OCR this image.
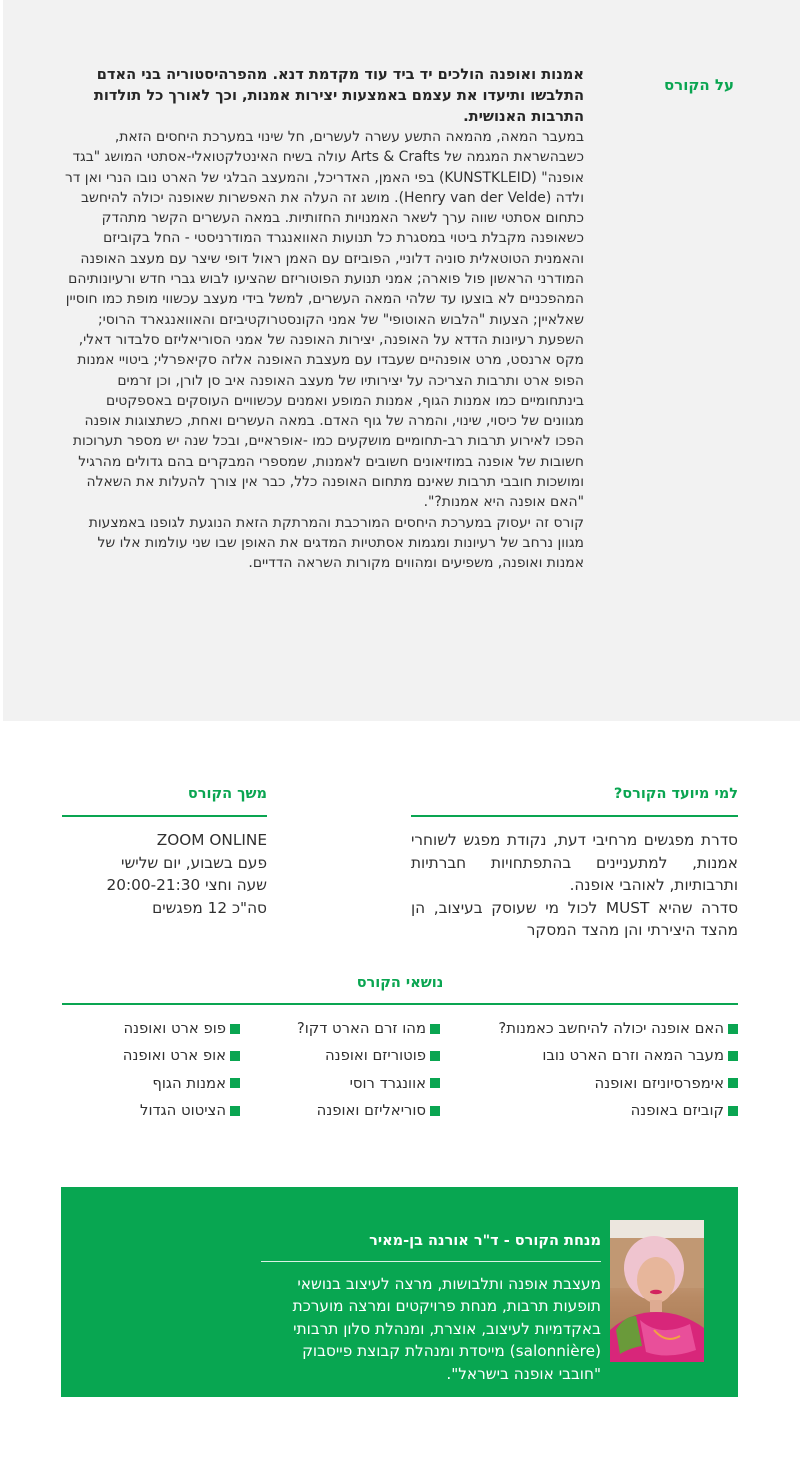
על הקורס

אמנות ואופנה הולכים יד ביד עוד מקדמת דנא. מהפרהיסטוריה בני האדם התלבשו ותיעדו את עצמם באמצעות יצירות אמנות, וכך לאורך כל תולדות התרבות האנושית.

במעבר המאה, מהמאה התשע עשרה לעשרים, חל שינוי במערכת היחסים הזאת, כשבהשראת המגמה של Arts & Crafts עולה בשיח האינטלקטואלי-אסתטי המושג "בגד אופנה" (KUNSTKLEID) בפי האמן, האדריכל, והמעצב הבלגי של הארט נובו הנרי ואן דר ולדה (Henry van der Velde). מושג זה העלה את האפשרות שאופנה יכולה להיחשב כתחום אסתטי שווה ערך לשאר האמנויות החזותיות. במאה העשרים הקשר מתהדק כשאופנה מקבלת ביטוי במסגרת כל תנועות האוואנגרד המודרניסטי - החל בקוביזם והאמנית הטוטאלית סוניה דלוניי, הפוביזם עם האמן ראול דופי שיצר עם מעצב האופנה המודרני הראשון פול פוארה; אמני תנועת הפוטוריזם שהציעו לבוש גברי חדש ורעיונותיהם המהפכניים לא בוצעו עד שלהי המאה העשרים, למשל בידי מעצב עכשווי מופת כמו חוסיין שאלאיין; הצעות "הלבוש האוטופי" של אמני הקונסטרוקטיביזם והאוואנגארד הרוסי; השפעת רעיונות הדדא על האופנה, יצירות האופנה של אמני הסוריאליזם סלבדור דאלי, מקס ארנסט, מרט אופנהיים שעבדו עם מעצבת האופנה אלזה סקיאפרלי; ביטויי אמנות הפופ ארט ותרבות הצריכה על יצירותיו של מעצב האופנה איב סן לורן, וכן זרמים בינתחומיים כמו אמנות הגוף, אמנות המופע ואמנים עכשוויים העוסקים באספקטים מגוונים של כיסוי, שינוי, והמרה של גוף האדם. במאה העשרים ואחת, כשתצוגות אופנה הפכו לאירוע תרבות רב-תחומיים מושקעים כמו -אופראיים, ובכל שנה יש מספר תערוכות חשובות של אופנה במוזיאונים חשובים לאמנות, שמספרי המבקרים בהם גדולים מהרגיל ומושכות חובבי תרבות שאינם מתחום האופנה כלל, כבר אין צורך להעלות את השאלה "האם אופנה היא אמנות?".

קורס זה יעסוק במערכת היחסים המורכבת והמרתקת הזאת הנוגעת לגופנו באמצעות מגוון נרחב של רעיונות ומגמות אסתטיות המדגים את האופן שבו שני עולמות אלו של אמנות ואופנה, משפיעים ומהווים מקורות השראה הדדיים.

למי מיועד הקורס?
סדרת מפגשים מרחיבי דעת, נקודת מפגש לשוחרי אמנות, למתעניינים בהתפתחויות חברתיות ותרבותיות, לאוהבי אופנה.
סדרה שהיא MUST לכול מי שעוסק בעיצוב, הן מהצד היצירתי והן מהצד המסקר
משך הקורס
ZOOM ONLINE
פעם בשבוע, יום שלישי
שעה וחצי 20:00-21:30
סה"כ 12 מפגשים
נושאי הקורס
האם אופנה יכולה להיחשב כאמנות?
מעבר המאה וזרם הארט נובו
אימפרסיוניזם ואופנה
קוביזם באופנה
מהו זרם הארט דקו?
פוטוריזם ואופנה
אוונגרד רוסי
סוריאליזם ואופנה
פופ ארט ואופנה
אופ ארט ואופנה
אמנות הגוף
הציטוט הגדול
מנחת הקורס - ד"ר אורנה בן-מאיר
מעצבת אופנה ותלבושות, מרצה לעיצוב בנושאי תופעות תרבות, מנחת פרויקטים ומרצה מוערכת באקדמיות לעיצוב, אוצרת, ומנהלת סלון תרבותי (salonnière) מייסדת ומנהלת קבוצת פייסבוק "חובבי אופנה בישראל".
